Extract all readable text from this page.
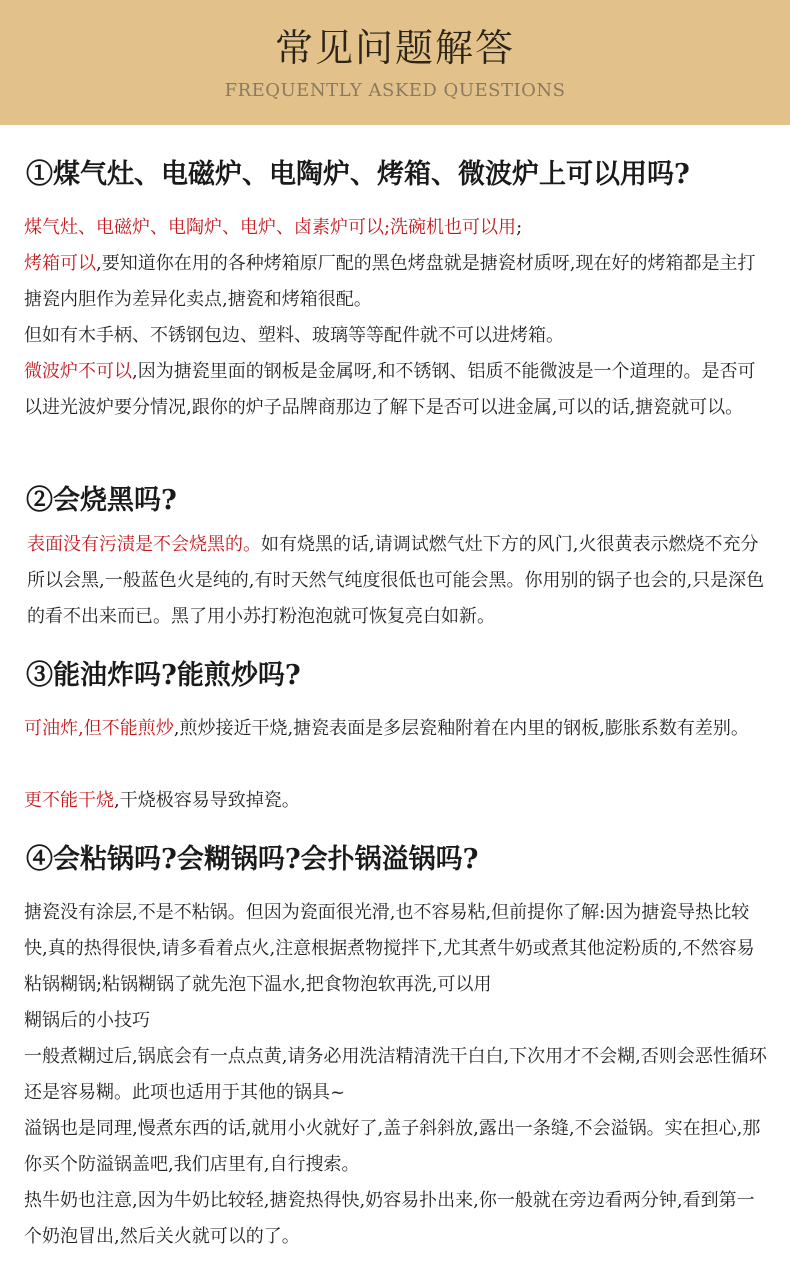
常见问题解答
FREQUENTLY ASKED QUESTIONS
①煤气灶、电磁炉、电陶炉、烤箱、微波炉上可以用吗?
煤气灶、电磁炉、电陶炉、电炉、卤素炉可以;洗碗机也可以用;
烤箱可以,要知道你在用的各种烤箱原厂配的黑色烤盘就是搪瓷材质呀,现在好的烤箱都是主打搪瓷内胆作为差异化卖点,搪瓷和烤箱很配。
但如有木手柄、不锈钢包边、塑料、玻璃等等配件就不可以进烤箱。
微波炉不可以,因为搪瓷里面的钢板是金属呀,和不锈钢、铝质不能微波是一个道理的。是否可以进光波炉要分情况,跟你的炉子品牌商那边了解下是否可以进金属,可以的话,搪瓷就可以。
②会烧黑吗?
表面没有污渍是不会烧黑的。如有烧黑的话,请调试燃气灶下方的风门,火很黄表示燃烧不充分所以会黑,一般蓝色火是纯的,有时天然气纯度很低也可能会黑。你用别的锅子也会的,只是深色的看不出来而已。黑了用小苏打粉泡泡就可恢复亮白如新。
③能油炸吗?能煎炒吗?
可油炸,但不能煎炒,煎炒接近干烧,搪瓷表面是多层瓷釉附着在内里的钢板,膨胀系数有差别。
更不能干烧,干烧极容易导致掉瓷。
④会粘锅吗?会糊锅吗?会扑锅溢锅吗?
搪瓷没有涂层,不是不粘锅。但因为瓷面很光滑,也不容易粘,但前提你了解:因为搪瓷导热比较快,真的热得很快,请多看着点火,注意根据煮物搅拌下,尤其煮牛奶或煮其他淀粉质的,不然容易粘锅糊锅;粘锅糊锅了就先泡下温水,把食物泡软再洗,可以用
糊锅后的小技巧
一般煮糊过后,锅底会有一点点黄,请务必用洗洁精清洗干白白,下次用才不会糊,否则会恶性循环还是容易糊。此项也适用于其他的锅具~
溢锅也是同理,慢煮东西的话,就用小火就好了,盖子斜斜放,露出一条缝,不会溢锅。实在担心,那你买个防溢锅盖吧,我们店里有,自行搜索。
热牛奶也注意,因为牛奶比较轻,搪瓷热得快,奶容易扑出来,你一般就在旁边看两分钟,看到第一个奶泡冒出,然后关火就可以的了。
